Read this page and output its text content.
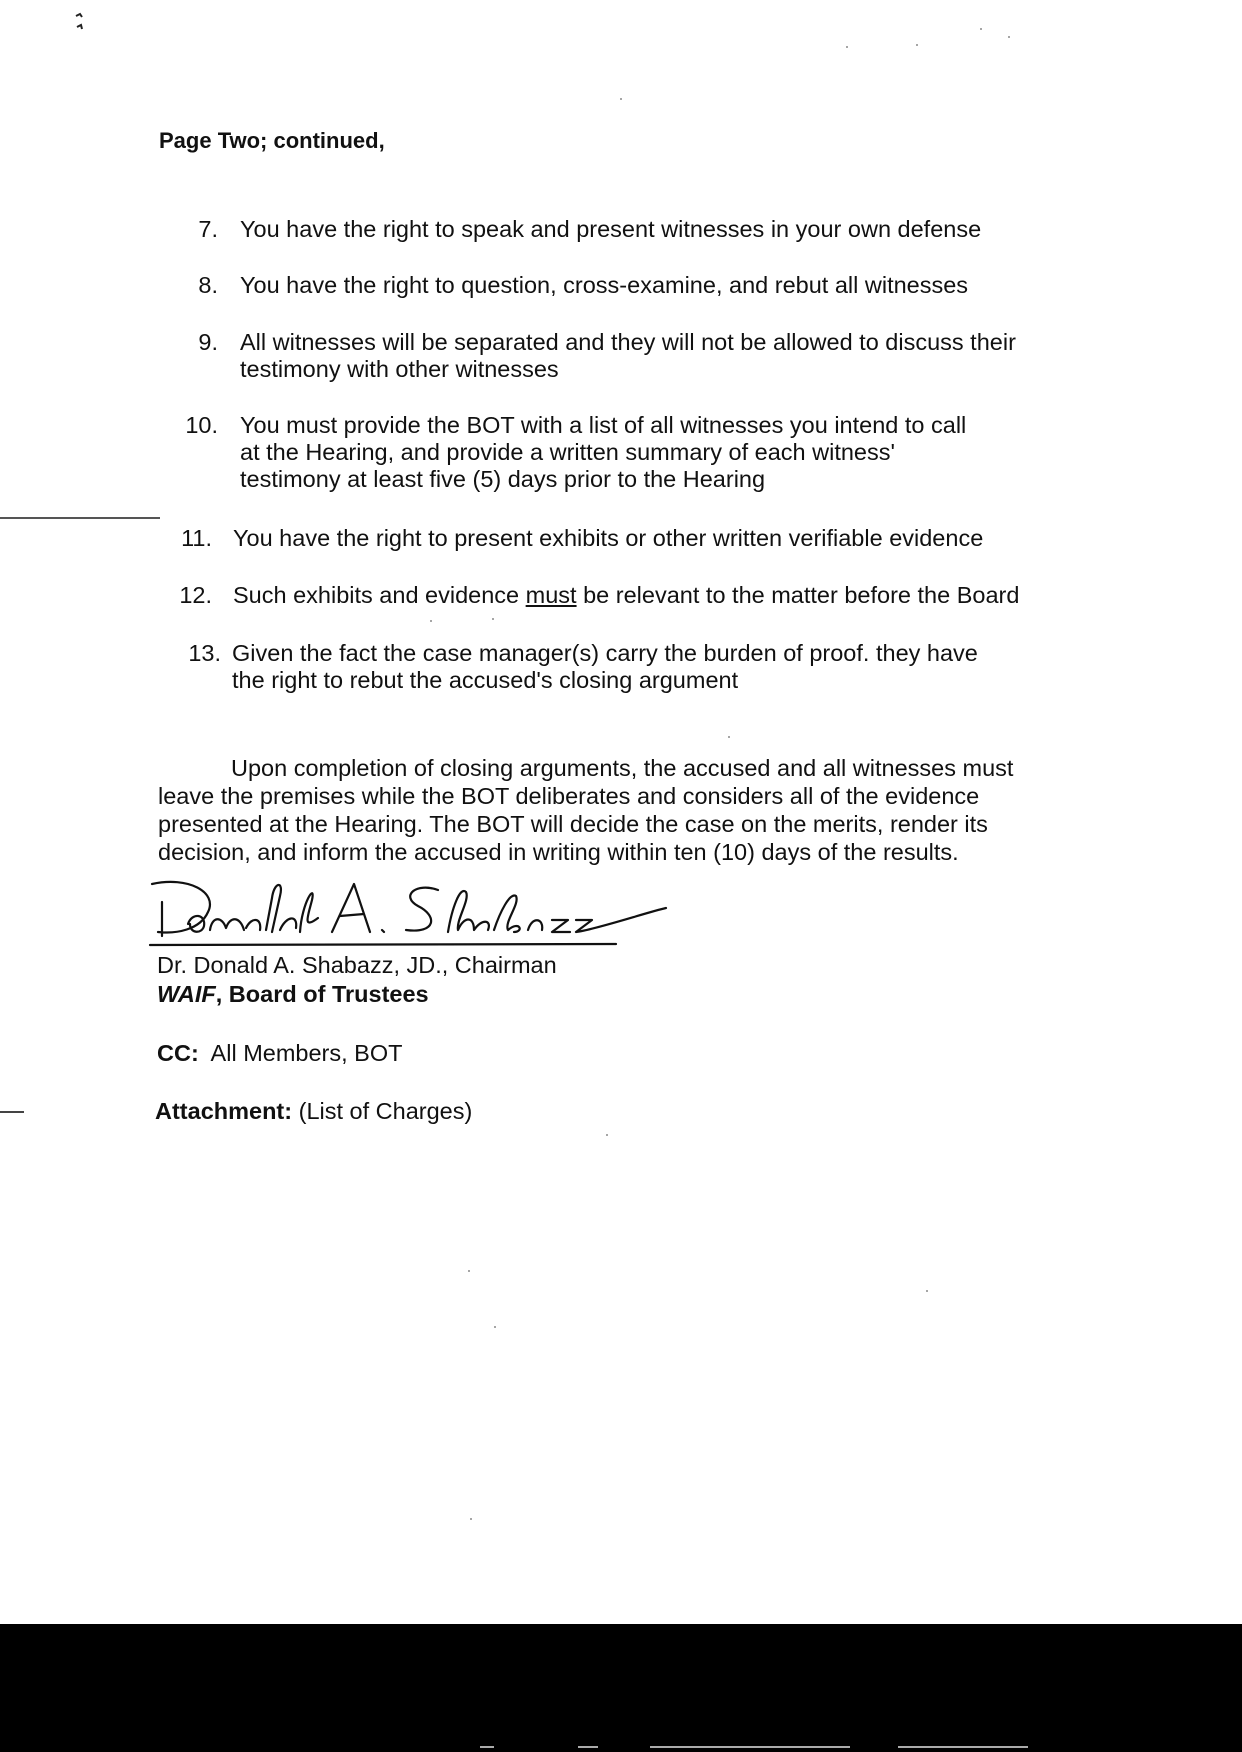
Page Two; continued,
7. You have the right to speak and present witnesses in your own defense
8. You have the right to question, cross-examine, and rebut all witnesses
9. All witnesses will be separated and they will not be allowed to discuss their
testimony with other witnesses
10. You must provide the BOT with a list of all witnesses you intend to call
at the Hearing, and provide a written summary of each witness'
testimony at least five (5) days prior to the Hearing
11. You have the right to present exhibits or other written verifiable evidence
12. Such exhibits and evidence must be relevant to the matter before the Board
13. Given the fact the case manager(s) carry the burden of proof. they have
the right to rebut the accused's closing argument
Upon completion of closing arguments, the accused and all witnesses must
leave the premises while the BOT deliberates and considers all of the evidence
presented at the Hearing. The BOT will decide the case on the merits, render its
decision, and inform the accused in writing within ten (10) days of the results.
Dr. Donald A. Shabazz, JD., Chairman
WAIF, Board of Trustees
CC: All Members, BOT
Attachment: (List of Charges)
